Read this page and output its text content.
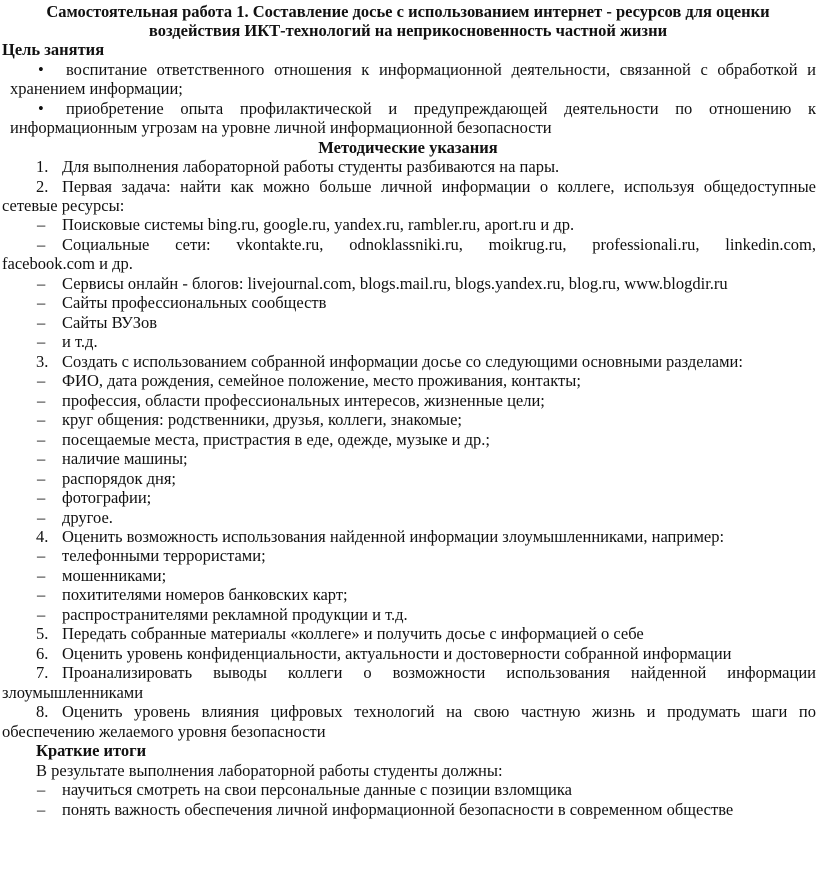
Самостоятельная работа 1. Составление досье с использованием интернет - ресурсов для оценки
воздействия ИКТ-технологий на неприкосновенность частной жизни
Цель занятия
• воспитание ответственного отношения к информационной деятельности, связанной с обработкой и
хранением информации;
• приобретение опыта профилактической и предупреждающей деятельности по отношению к
информационным угрозам на уровне личной информационной безопасности
Методические указания
1. Для выполнения лабораторной работы студенты разбиваются на пары.
2. Первая задача: найти как можно больше личной информации о коллеге, используя общедоступные
сетевые ресурсы:
– Поисковые системы bing.ru, google.ru, yandex.ru, rambler.ru, aport.ru и др.
– Социальные сети: vkontakte.ru, odnoklassniki.ru, moikrug.ru, professionali.ru, linkedin.com,
facebook.com и др.
– Сервисы онлайн - блогов: livejournal.com, blogs.mail.ru, blogs.yandex.ru, blog.ru, www.blogdir.ru
– Сайты профессиональных сообществ
– Сайты ВУЗов
– и т.д.
3. Создать с использованием собранной информации досье со следующими основными разделами:
– ФИО, дата рождения, семейное положение, место проживания, контакты;
– профессия, области профессиональных интересов, жизненные цели;
– круг общения: родственники, друзья, коллеги, знакомые;
– посещаемые места, пристрастия в еде, одежде, музыке и др.;
– наличие машины;
– распорядок дня;
– фотографии;
– другое.
4. Оценить возможность использования найденной информации злоумышленниками, например:
– телефонными террористами;
– мошенниками;
– похитителями номеров банковских карт;
– распространителями рекламной продукции и т.д.
5. Передать собранные материалы «коллеге» и получить досье с информацией о себе
6. Оценить уровень конфиденциальности, актуальности и достоверности собранной информации
7. Проанализировать выводы коллеги о возможности использования найденной информации
злоумышленниками
8. Оценить уровень влияния цифровых технологий на свою частную жизнь и продумать шаги по
обеспечению желаемого уровня безопасности
Краткие итоги
В результате выполнения лабораторной работы студенты должны:
– научиться смотреть на свои персональные данные с позиции взломщика
– понять важность обеспечения личной информационной безопасности в современном обществе
